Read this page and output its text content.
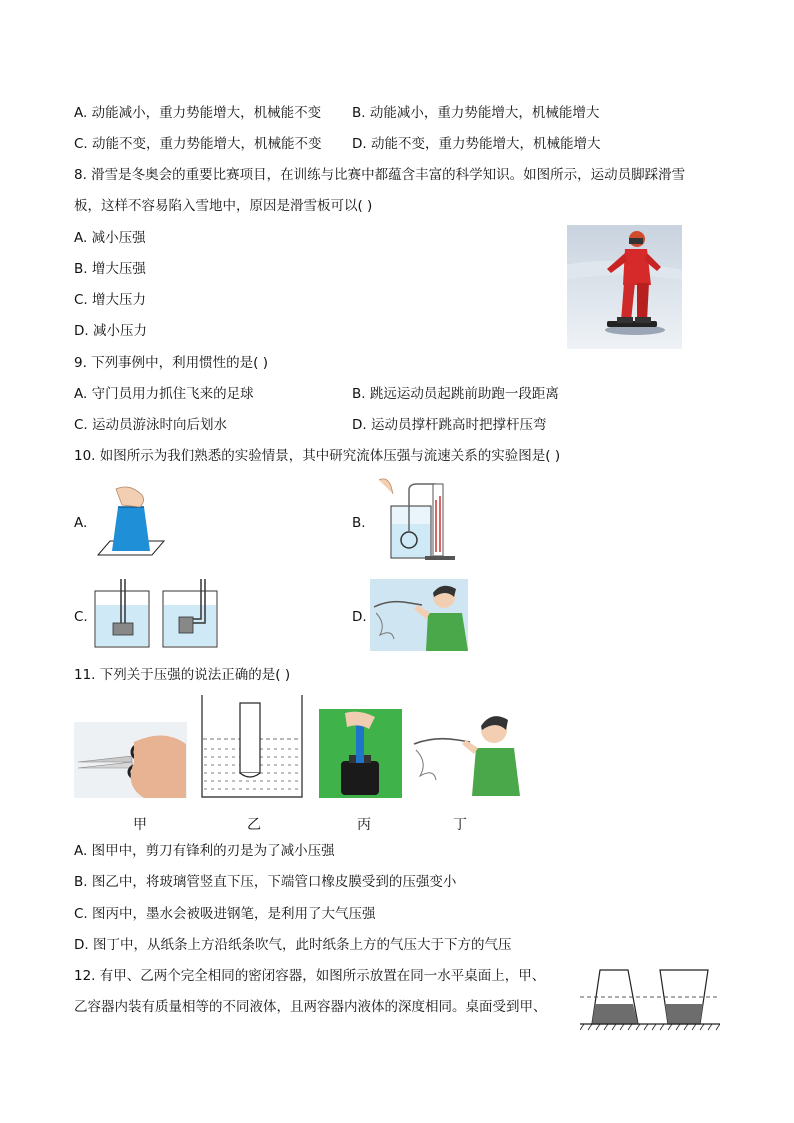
A. 动能减小，重力势能增大，机械能不变 B. 动能减小，重力势能增大，机械能增大
C. 动能不变，重力势能增大，机械能不变 D. 动能不变，重力势能增大，机械能增大
8. 滑雪是冬奥会的重要比赛项目，在训练与比赛中都蕴含丰富的科学知识。如图所示，运动员脚踩滑雪
板，这样不容易陷入雪地中，原因是滑雪板可以( )
A. 减小压强
B. 增大压强
C. 增大压力
D. 减小压力
9. 下列事例中，利用惯性的是( )
A. 守门员用力抓住飞来的足球	B. 跳远运动员起跳前助跑一段距离
C. 运动员游泳时向后划水	D. 运动员撑杆跳高时把撑杆压弯
10. 如图所示为我们熟悉的实验情景，其中研究流体压强与流速关系的实验图是( )
A.	B.
C.	D.
11. 下列关于压强的说法正确的是( )
甲	乙	丙	丁
A. 图甲中，剪刀有锋利的刃是为了减小压强
B. 图乙中，将玻璃管竖直下压，下端管口橡皮膜受到的压强变小
C. 图丙中，墨水会被吸进钢笔，是利用了大气压强
D. 图丁中，从纸条上方沿纸条吹气，此时纸条上方的气压大于下方的气压
12. 有甲、乙两个完全相同的密闭容器，如图所示放置在同一水平桌面上，甲、
乙容器内装有质量相等的不同液体，且两容器内液体的深度相同。桌面受到甲、
